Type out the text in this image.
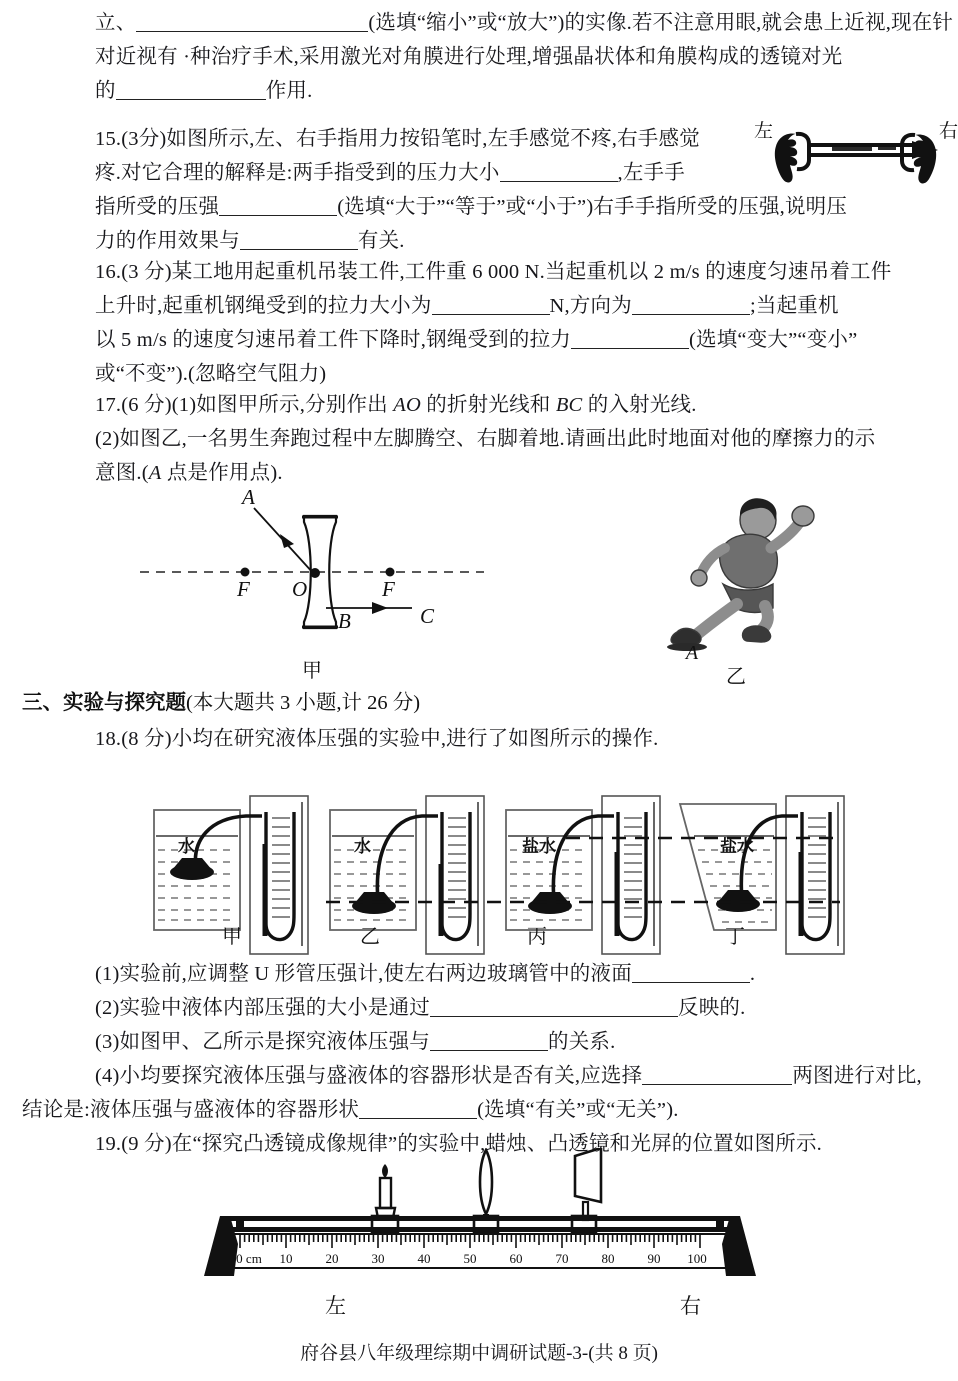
立、	(选填“缩小”或“放大”)的实像.若不注意用眼,就会患上近视,现在针
对近视有 ·种治疗手术,采用激光对角膜进行处理,增强晶状体和角膜构成的透镜对光
的	作用.
15.(3分)如图所示,左、右手指用力按铅笔时,左手感觉不疼,右手感觉
疼.对它合理的解释是:两手指受到的压力大小	,左手手
指所受的压强	(选填“大于”“等于”或“小于”)右手手指所受的压强,说明压
力的作用效果与	有关.
左	右
16.(3 分)某工地用起重机吊装工件,工件重 6 000 N.当起重机以 2 m/s 的速度匀速吊着工件
上升时,起重机钢绳受到的拉力大小为	N,方向为	;当起重机
以 5 m/s 的速度匀速吊着工件下降时,钢绳受到的拉力	(选填“变大”“变小”
或“不变”).(忽略空气阻力)
17.(6 分)(1)如图甲所示,分别作出 AO 的折射光线和 BC 的入射光线.
(2)如图乙,一名男生奔跑过程中左脚腾空、右脚着地.请画出此时地面对他的摩擦力的示
意图.(A 点是作用点).
A
F O	F
B	C
甲
A
乙
三、实验与探究题(本大题共 3 小题,计 26 分)
18.(8 分)小均在研究液体压强的实验中,进行了如图所示的操作.
水	水	盐水	盐水
甲	乙	丙	丁
(1)实验前,应调整 U 形管压强计,使左右两边玻璃管中的液面	.
(2)实验中液体内部压强的大小是通过	反映的.
(3)如图甲、乙所示是探究液体压强与	的关系.
(4)小均要探究液体压强与盛液体的容器形状是否有关,应选择	两图进行对比,
结论是:液体压强与盛液体的容器形状	(选填“有关”或“无关”).
19.(9 分)在“探究凸透镜成像规律”的实验中,蜡烛、凸透镜和光屏的位置如图所示.
0 cm 10	20	30	40	50	60	70	80	90 100
左	右
府谷县八年级理综期中调研试题-3-(共 8 页)
